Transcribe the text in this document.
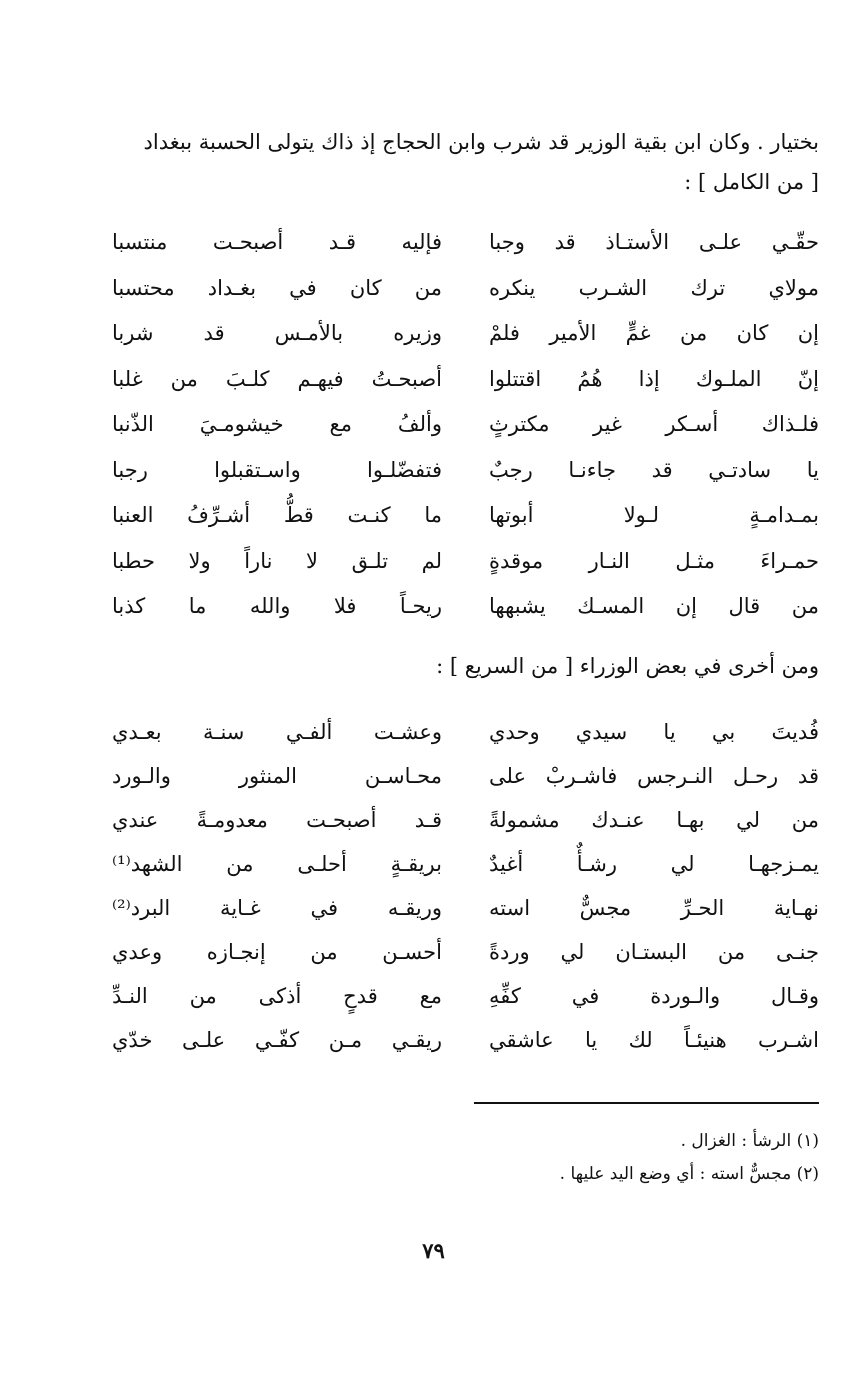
بختيار . وكان ابن بقية الوزير قد شرب وابن الحجاج إذ ذاك يتولى الحسبة ببغداد
[ من الكامل ] :
حقّـي علـى الأستـاذ قد وجبا
فإليه قـد أصبحـت منتسبا
مولاي ترك الشـرب ينكره
من كان في بغـداد محتسبا
إن كان من غمٍّ الأمير فلمْ
وزيره بالأمـس قد شربا
إنّ الملـوك إذا هُمُ اقتتلوا
أصبحـتُ فيهـم كلـبَ من غلبا
فلـذاك أسـكر غير مكترثٍ
وألفُ مع خيشومـيَ الذّنبا
يا سادتـي قد جاءنـا رجبٌ
فتفضّلـوا واسـتقبلوا رجبا
بمـدامـةٍ لـولا أبوتها
ما كنـت قطُّ أشـرِّفُ العنبا
حمـراءَ مثـل النـار موقدةٍ
لم تلـق لا ناراً ولا حطبا
من قال إن المسـك يشبهها
ريحـاً فلا والله ما كذبا
ومن أخرى في بعض الوزراء [ من السريع ] :
فُديتَ بي يا سيدي وحدي
وعشـت ألفـي سنـة بعـدي
قد رحـل النـرجس فاشـربْ على
محـاسـن المنثور والـورد
من لي بهـا عنـدك مشمولةً
قـد أصبحـت معدومـةً عندي
يمـزجهـا لي رشـأٌ أغيدٌ
بريقـةٍ أحلـى من الشهد⁽¹⁾
نهـاية الحـرِّ مجسٌّ استه
وريقـه في غـاية البرد⁽²⁾
جنـى من البستـان لي وردةً
أحسـن من إنجـازه وعدي
وقـال والـوردة في كفِّهِ
مع قدحٍ أذكى من النـدِّ
اشـرب هنيئـاً لك يا عاشقي
ريقـي مـن كفّـي علـى خدّي
(١) الرشأ : الغزال .
(٢) مجسٌّ استه : أي وضع اليد عليها .
٧٩
